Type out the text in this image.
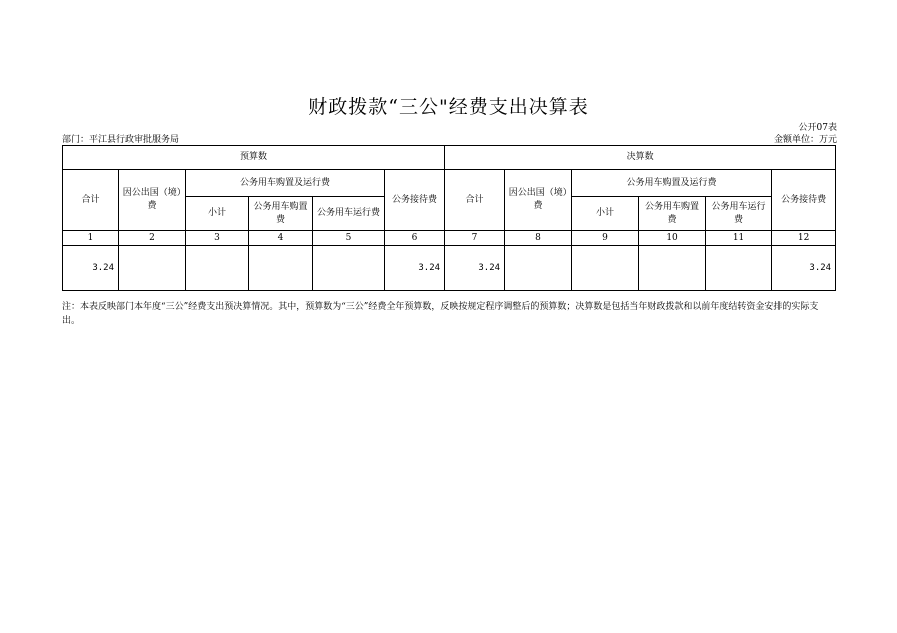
财政拨款“三公"经费支出决算表
公开07表
部门：平江县行政审批服务局	金额单位：万元
预算数						决算数					
合计	因公出国（境）费	公务用车购置及运行费			公务接待费	合计	因公出国（境）费	公务用车购置及运行费			公务接待费
		小计	公务用车购置费	公务用车运行费				小计	公务用车购置费	公务用车运行费	
1	2	3	4	5	6	7	8	9	10	11	12
3.24					3.24	3.24					3.24
注：本表反映部门本年度“三公”经费支出预决算情况。其中，预算数为“三公”经费全年预算数，反映按规定程序调整后的预算数；决算数是包括当年财政拨款和以前年度结转资金安排的实际支出。
